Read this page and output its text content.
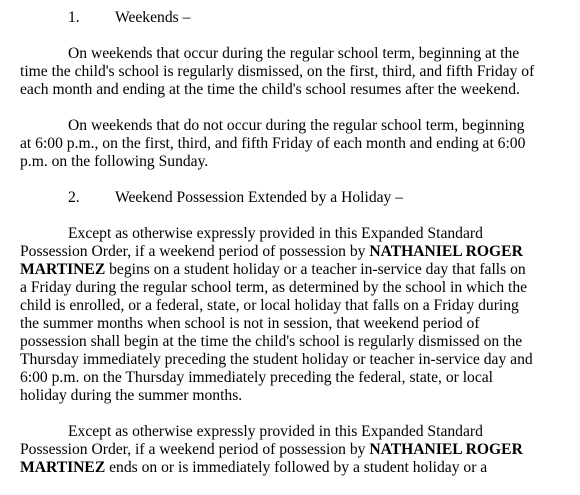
1. Weekends –
On weekends that occur during the regular school term, beginning at the
time the child's school is regularly dismissed, on the first, third, and fifth Friday of
each month and ending at the time the child's school resumes after the weekend.
On weekends that do not occur during the regular school term, beginning
at 6:00 p.m., on the first, third, and fifth Friday of each month and ending at 6:00
p.m. on the following Sunday.
2. Weekend Possession Extended by a Holiday –
Except as otherwise expressly provided in this Expanded Standard
Possession Order, if a weekend period of possession by NATHANIEL ROGER
MARTINEZ begins on a student holiday or a teacher in-service day that falls on
a Friday during the regular school term, as determined by the school in which the
child is enrolled, or a federal, state, or local holiday that falls on a Friday during
the summer months when school is not in session, that weekend period of
possession shall begin at the time the child's school is regularly dismissed on the
Thursday immediately preceding the student holiday or teacher in-service day and
6:00 p.m. on the Thursday immediately preceding the federal, state, or local
holiday during the summer months.
Except as otherwise expressly provided in this Expanded Standard
Possession Order, if a weekend period of possession by NATHANIEL ROGER
MARTINEZ ends on or is immediately followed by a student holiday or a
